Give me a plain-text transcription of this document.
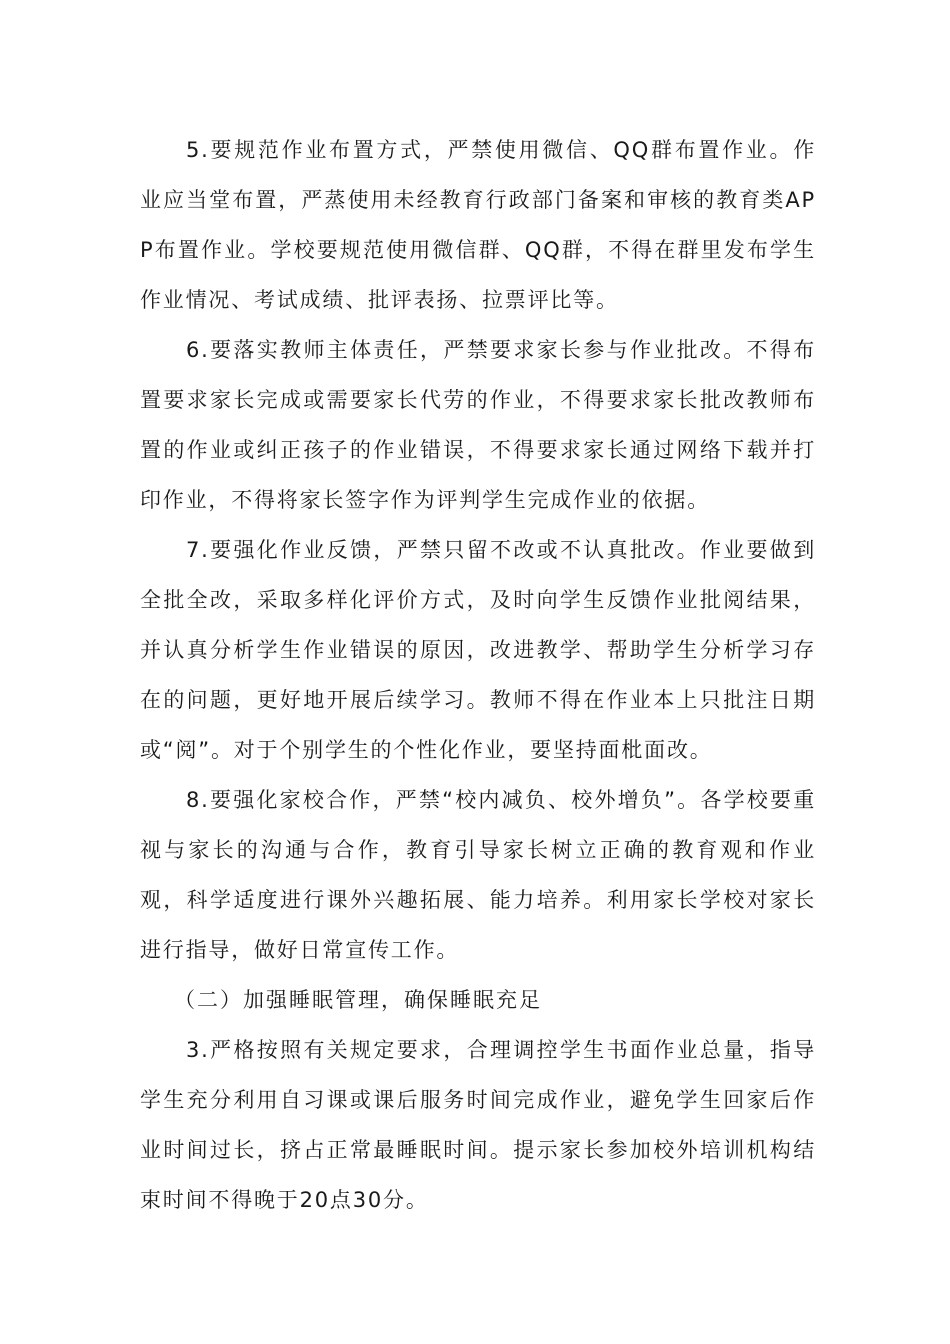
5.要规范作业布置方式，严禁使用微信、QQ群布置作业。作业应当堂布置，严蒸使用未经教育行政部门备案和审核的教育类APP布置作业。学校要规范使用微信群、QQ群，不得在群里发布学生作业情况、考试成绩、批评表扬、拉票评比等。

6.要落实教师主体责任，严禁要求家长参与作业批改。不得布置要求家长完成或需要家长代劳的作业，不得要求家长批改教师布置的作业或纠正孩子的作业错误，不得要求家长通过网络下载并打印作业，不得将家长签字作为评判学生完成作业的依据。

7.要强化作业反馈，严禁只留不改或不认真批改。作业要做到全批全改，采取多样化评价方式，及时向学生反馈作业批阅结果，并认真分析学生作业错误的原因，改进教学、帮助学生分析学习存在的问题，更好地开展后续学习。教师不得在作业本上只批注日期或“阅”。对于个别学生的个性化作业，要坚持面枇面改。

8.要强化家校合作，严禁“校内减负、校外增负”。各学校要重视与家长的沟通与合作，教育引导家长树立正确的教育观和作业观，科学适度进行课外兴趣拓展、能力培养。利用家长学校对家长进行指导，做好日常宣传工作。

（二）加强睡眠管理，确保睡眠充足

3.严格按照有关规定要求，合理调控学生书面作业总量，指导学生充分利用自习课或课后服务时间完成作业，避免学生回家后作业时间过长，挤占正常最睡眠时间。提示家长参加校外培训机构结束时间不得晚于20点30分。
